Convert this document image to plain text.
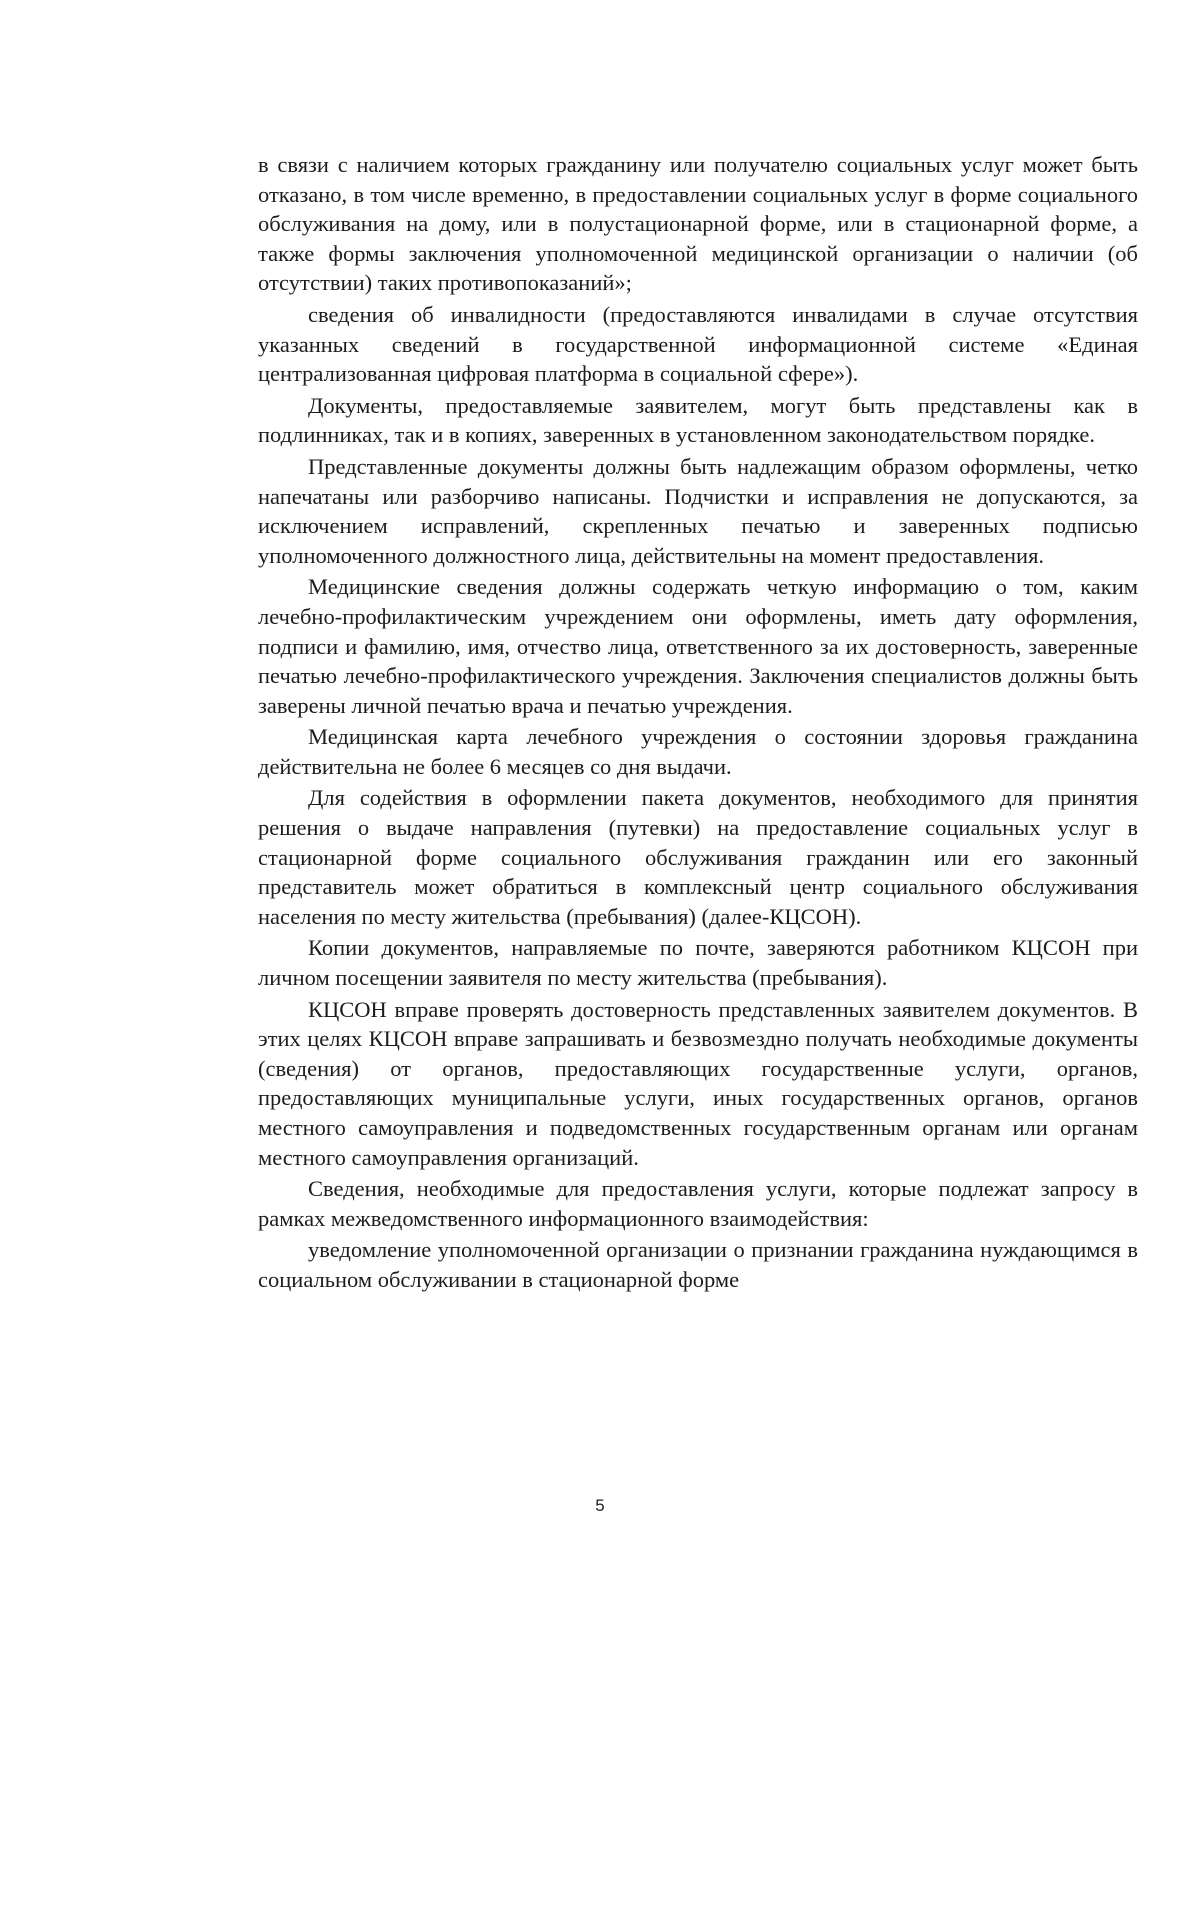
в связи с наличием которых гражданину или получателю социальных услуг может быть отказано, в том числе временно, в предоставлении социальных услуг в форме социального обслуживания на дому, или в полустационарной форме, или в стационарной форме, а также формы заключения уполномоченной медицинской организации о наличии (об отсутствии) таких противопоказаний»;

сведения об инвалидности (предоставляются инвалидами в случае отсутствия указанных сведений в государственной информационной системе «Единая централизованная цифровая платформа в социальной сфере»).

Документы, предоставляемые заявителем, могут быть представлены как в подлинниках, так и в копиях, заверенных в установленном законодательством порядке.

Представленные документы должны быть надлежащим образом оформлены, четко напечатаны или разборчиво написаны. Подчистки и исправления не допускаются, за исключением исправлений, скрепленных печатью и заверенных подписью уполномоченного должностного лица, действительны на момент предоставления.

Медицинские сведения должны содержать четкую информацию о том, каким лечебно-профилактическим учреждением они оформлены, иметь дату оформления, подписи и фамилию, имя, отчество лица, ответственного за их достоверность, заверенные печатью лечебно-профилактического учреждения. Заключения специалистов должны быть заверены личной печатью врача и печатью учреждения.

Медицинская карта лечебного учреждения о состоянии здоровья гражданина действительна не более 6 месяцев со дня выдачи.

Для содействия в оформлении пакета документов, необходимого для принятия решения о выдаче направления (путевки) на предоставление социальных услуг в стационарной форме социального обслуживания гражданин или его законный представитель может обратиться в комплексный центр социального обслуживания населения по месту жительства (пребывания) (далее-КЦСОН).

Копии документов, направляемые по почте, заверяются работником КЦСОН при личном посещении заявителя по месту жительства (пребывания).

КЦСОН вправе проверять достоверность представленных заявителем документов. В этих целях КЦСОН вправе запрашивать и безвозмездно получать необходимые документы (сведения) от органов, предоставляющих государственные услуги, органов, предоставляющих муниципальные услуги, иных государственных органов, органов местного самоуправления и подведомственных государственным органам или органам местного самоуправления организаций.

Сведения, необходимые для предоставления услуги, которые подлежат запросу в рамках межведомственного информационного взаимодействия:

уведомление уполномоченной организации о признании гражданина нуждающимся в социальном обслуживании в стационарной форме

5
